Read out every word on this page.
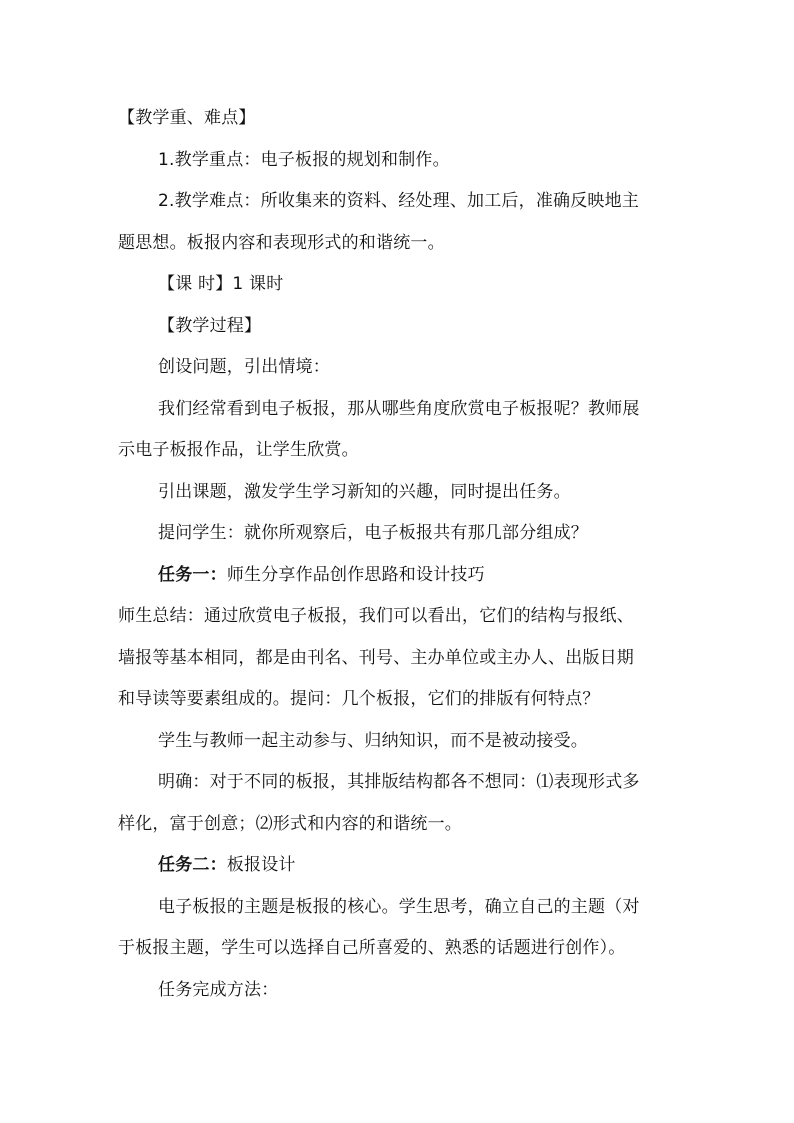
【教学重、难点】
1.教学重点：电子板报的规划和制作。
2.教学难点：所收集来的资料、经处理、加工后，准确反映地主
题思想。板报内容和表现形式的和谐统一。
【课 时】1 课时
【教学过程】
创设问题，引出情境：
我们经常看到电子板报，那从哪些角度欣赏电子板报呢？教师展
示电子板报作品，让学生欣赏。
引出课题，激发学生学习新知的兴趣，同时提出任务。
提问学生：就你所观察后，电子板报共有那几部分组成？
任务一：师生分享作品创作思路和设计技巧
师生总结：通过欣赏电子板报，我们可以看出，它们的结构与报纸、
墙报等基本相同，都是由刊名、刊号、主办单位或主办人、出版日期
和导读等要素组成的。提问：几个板报，它们的排版有何特点？
学生与教师一起主动参与、归纳知识，而不是被动接受。
明确：对于不同的板报，其排版结构都各不想同：⑴表现形式多
样化，富于创意；⑵形式和内容的和谐统一。
任务二：板报设计
电子板报的主题是板报的核心。学生思考，确立自己的主题（对
于板报主题，学生可以选择自己所喜爱的、熟悉的话题进行创作）。
任务完成方法：
